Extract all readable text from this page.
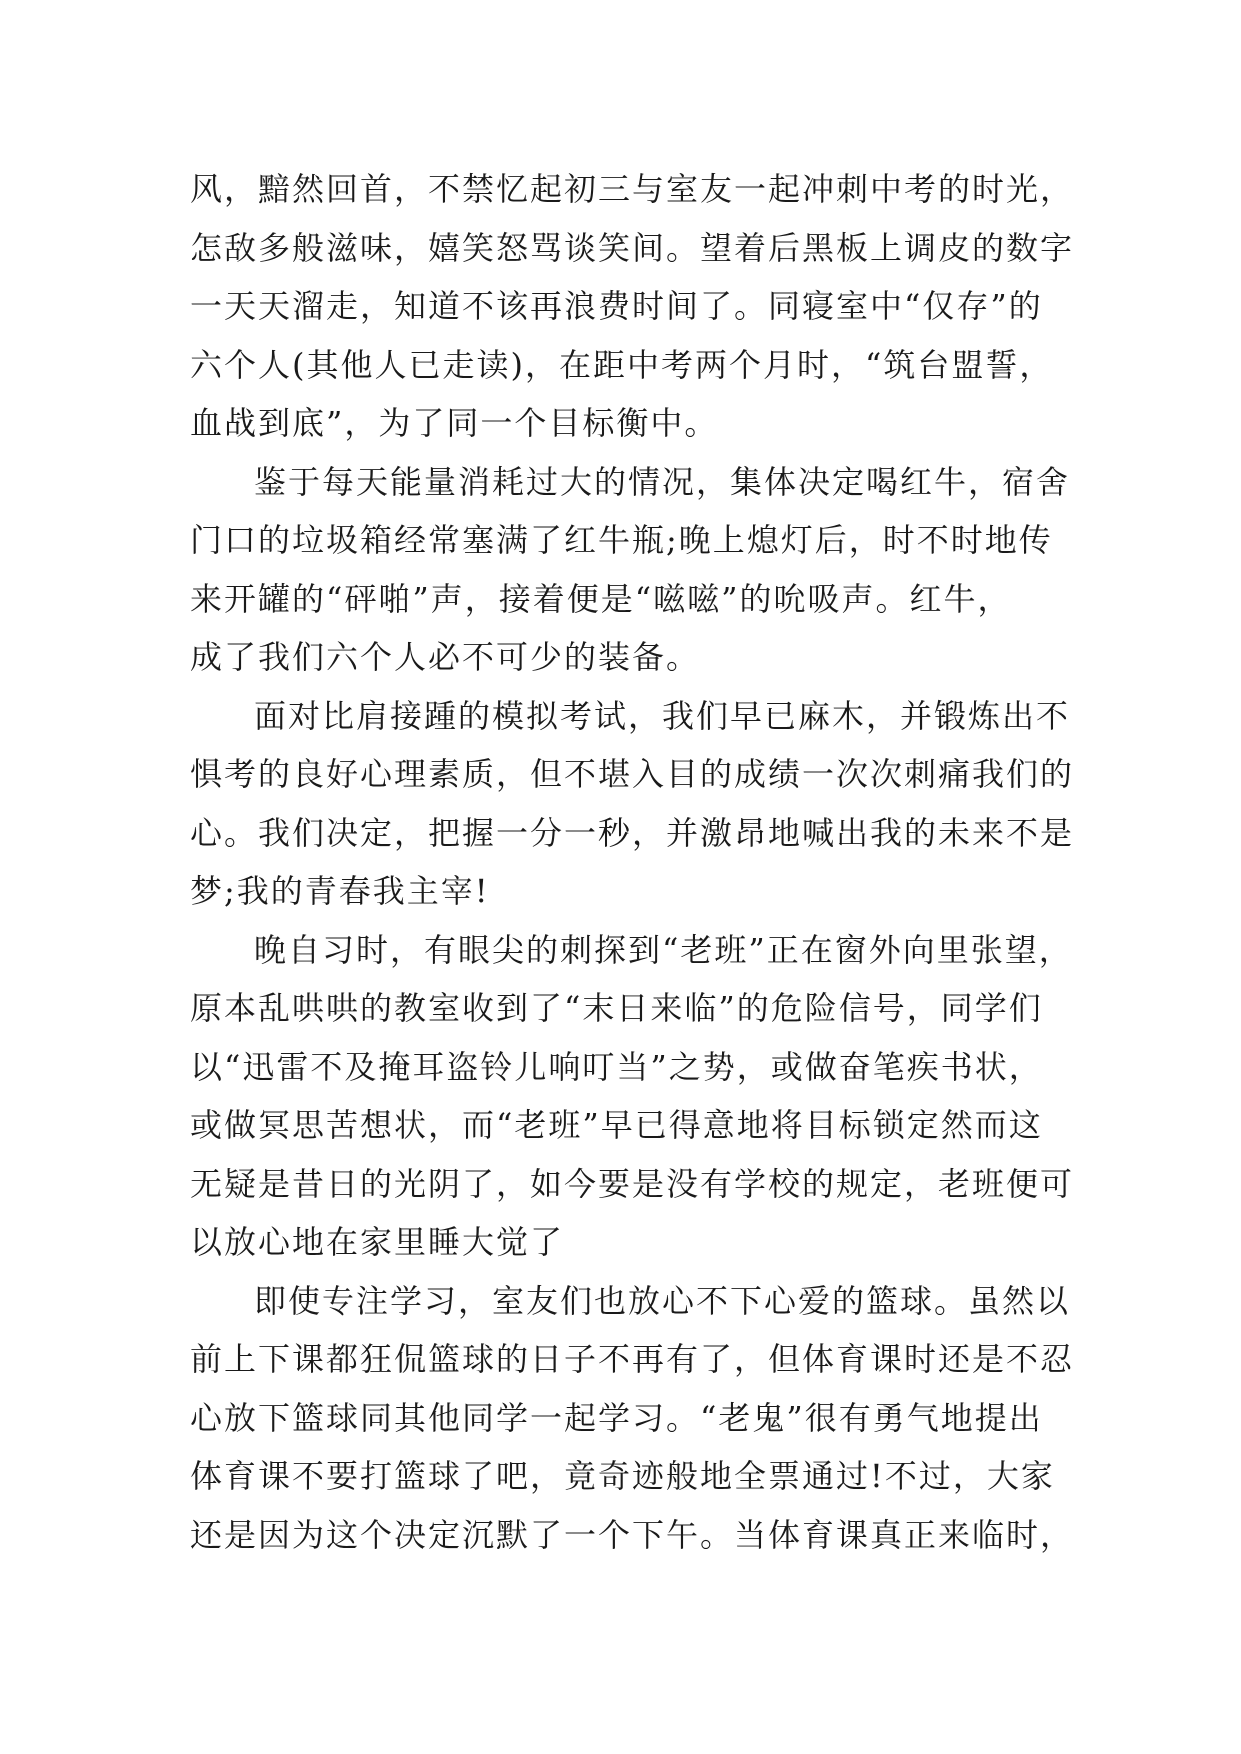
风，黯然回首，不禁忆起初三与室友一起冲刺中考的时光，
怎敌多般滋味，嬉笑怒骂谈笑间。望着后黑板上调皮的数字
一天天溜走，知道不该再浪费时间了。同寝室中“仅存”的
六个人(其他人已走读)，在距中考两个月时，“筑台盟誓，
血战到底”，为了同一个目标衡中。
鉴于每天能量消耗过大的情况，集体决定喝红牛，宿舍
门口的垃圾箱经常塞满了红牛瓶;晚上熄灯后，时不时地传
来开罐的“砰啪”声，接着便是“嗞嗞”的吮吸声。红牛，
成了我们六个人必不可少的装备。
面对比肩接踵的模拟考试，我们早已麻木，并锻炼出不
惧考的良好心理素质，但不堪入目的成绩一次次刺痛我们的
心。我们决定，把握一分一秒，并激昂地喊出我的未来不是
梦;我的青春我主宰!
晚自习时，有眼尖的刺探到“老班”正在窗外向里张望，
原本乱哄哄的教室收到了“末日来临”的危险信号，同学们
以“迅雷不及掩耳盗铃儿响叮当”之势，或做奋笔疾书状，
或做冥思苦想状，而“老班”早已得意地将目标锁定然而这
无疑是昔日的光阴了，如今要是没有学校的规定，老班便可
以放心地在家里睡大觉了
即使专注学习，室友们也放心不下心爱的篮球。虽然以
前上下课都狂侃篮球的日子不再有了，但体育课时还是不忍
心放下篮球同其他同学一起学习。“老鬼”很有勇气地提出
体育课不要打篮球了吧，竟奇迹般地全票通过!不过，大家
还是因为这个决定沉默了一个下午。当体育课真正来临时，
